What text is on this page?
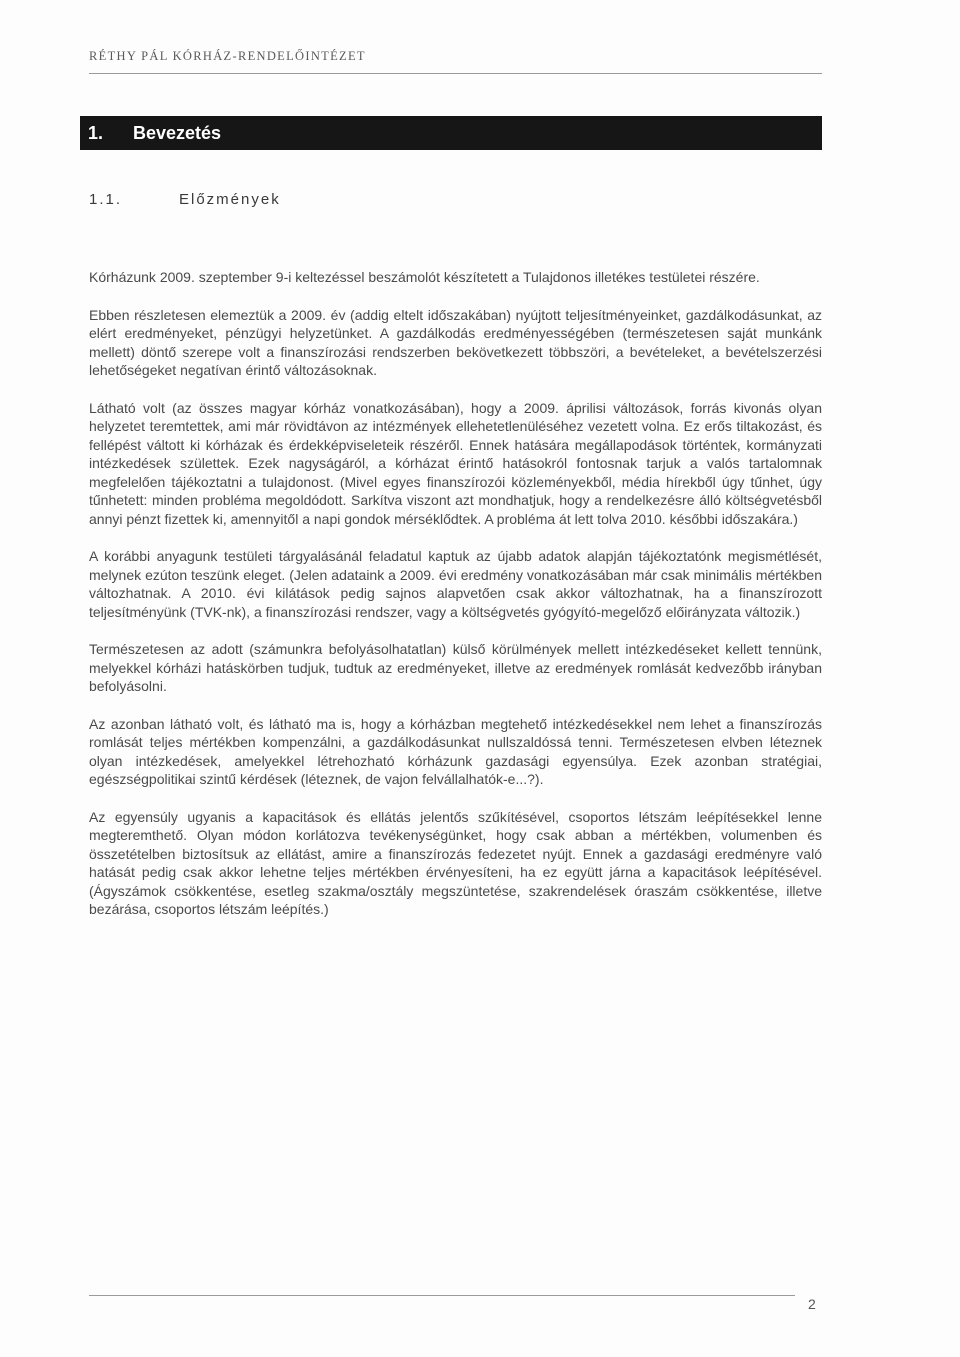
RÉTHY PÁL KÓRHÁZ-RENDELŐINTÉZET
1. Bevezetés
1.1.	Előzmények

Kórházunk 2009. szeptember 9-i keltezéssel beszámolót készítetett a Tulajdonos illetékes testületei részére.

Ebben részletesen elemeztük a 2009. év (addig eltelt időszakában) nyújtott teljesítményeinket, gazdálkodásunkat, az elért eredményeket, pénzügyi helyzetünket. A gazdálkodás eredményességében (természetesen saját munkánk mellett) döntő szerepe volt a finanszírozási rendszerben bekövetkezett többszöri, a bevételeket, a bevételszerzési lehetőségeket negatívan érintő változásoknak.

Látható volt (az összes magyar kórház vonatkozásában), hogy a 2009. áprilisi változások, forrás kivonás olyan helyzetet teremtettek, ami már rövidtávon az intézmények ellehetetlenüléséhez vezetett volna. Ez erős tiltakozást, és fellépést váltott ki kórházak és érdekképviseleteik részéről. Ennek hatására megállapodások történtek, kormányzati intézkedések születtek. Ezek nagyságáról, a kórházat érintő hatásokról fontosnak tarjuk a valós tartalomnak megfelelően tájékoztatni a tulajdonost. (Mivel egyes finanszírozói közleményekből, média hírekből úgy tűnhet, úgy tűnhetett: minden probléma megoldódott. Sarkítva viszont azt mondhatjuk, hogy a rendelkezésre álló költségvetésből annyi pénzt fizettek ki, amennyitől a napi gondok mérséklődtek. A probléma át lett tolva 2010. későbbi időszakára.)

A korábbi anyagunk testületi tárgyalásánál feladatul kaptuk az újabb adatok alapján tájékoztatónk megismétlését, melynek ezúton teszünk eleget. (Jelen adataink a 2009. évi eredmény vonatkozásában már csak minimális mértékben változhatnak. A 2010. évi kilátások pedig sajnos alapvetően csak akkor változhatnak, ha a finanszírozott teljesítményünk (TVK-nk), a finanszírozási rendszer, vagy a költségvetés gyógyító-megelőző előirányzata változik.)

Természetesen az adott (számunkra befolyásolhatatlan) külső körülmények mellett intézkedéseket kellett tennünk, melyekkel kórházi hatáskörben tudjuk, tudtuk az eredményeket, illetve az eredmények romlását kedvezőbb irányban befolyásolni.

Az azonban látható volt, és látható ma is, hogy a kórházban megtehető intézkedésekkel nem lehet a finanszírozás romlását teljes mértékben kompenzálni, a gazdálkodásunkat nullszaldóssá tenni. Természetesen elvben léteznek olyan intézkedések, amelyekkel létrehozható kórházunk gazdasági egyensúlya. Ezek azonban stratégiai, egészségpolitikai szintű kérdések (léteznek, de vajon felvállalhatók-e...?).

Az egyensúly ugyanis a kapacitások és ellátás jelentős szűkítésével, csoportos létszám leépítésekkel lenne megteremthető. Olyan módon korlátozva tevékenységünket, hogy csak abban a mértékben, volumenben és összetételben biztosítsuk az ellátást, amire a finanszírozás fedezetet nyújt. Ennek a gazdasági eredményre való hatását pedig csak akkor lehetne teljes mértékben érvényesíteni, ha ez együtt járna a kapacitások leépítésével. (Ágyszámok csökkentése, esetleg szakma/osztály megszüntetése, szakrendelések óraszám csökkentése, illetve bezárása, csoportos létszám leépítés.)

2
